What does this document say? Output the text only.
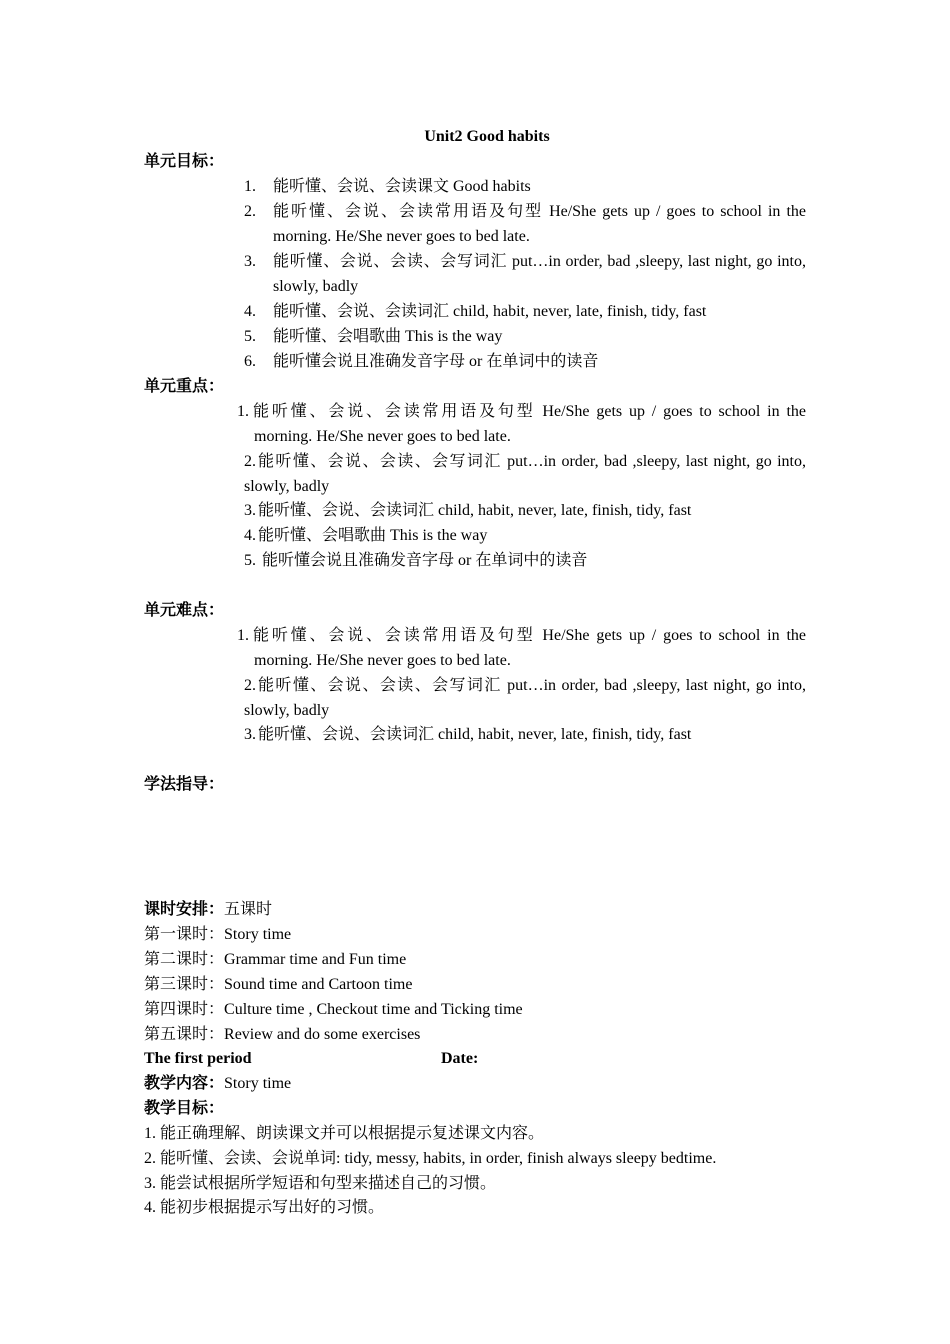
Unit2 Good habits
单元目标：
1. 能听懂、会说、会读课文 Good habits
2. 能听懂、会说、会读常用语及句型 He/She gets up / goes to school in the
morning. He/She never goes to bed late.
3. 能听懂、会说、会读、会写词汇 put…in order, bad ,sleepy, last night, go into,
slowly, badly
4. 能听懂、会说、会读词汇 child, habit, never, late, finish, tidy, fast
5. 能听懂、会唱歌曲 This is the way
6. 能听懂会说且准确发音字母 or 在单词中的读音
单元重点：
1. 能听懂、会说、会读常用语及句型 He/She gets up / goes to school in the
morning. He/She never goes to bed late.
2. 能听懂、会说、会读、会写词汇 put…in order, bad ,sleepy, last night, go into,
slowly, badly
3. 能听懂、会说、会读词汇 child, habit, never, late, finish, tidy, fast
4. 能听懂、会唱歌曲 This is the way
5. 能听懂会说且准确发音字母 or 在单词中的读音
单元难点：
1. 能听懂、会说、会读常用语及句型 He/She gets up / goes to school in the
morning. He/She never goes to bed late.
2. 能听懂、会说、会读、会写词汇 put…in order, bad ,sleepy, last night, go into,
slowly, badly
3. 能听懂、会说、会读词汇 child, habit, never, late, finish, tidy, fast
学法指导：
课时安排：五课时
第一课时：Story time
第二课时：Grammar time and Fun time
第三课时：Sound time and Cartoon time
第四课时：Culture time , Checkout time and Ticking time
第五课时：Review and do some exercises
The first period	Date:
教学内容：Story time
教学目标：
1. 能正确理解、朗读课文并可以根据提示复述课文内容。
2. 能听懂、会读、会说单词: tidy, messy, habits, in order, finish always sleepy bedtime.
3. 能尝试根据所学短语和句型来描述自己的习惯。
4. 能初步根据提示写出好的习惯。
